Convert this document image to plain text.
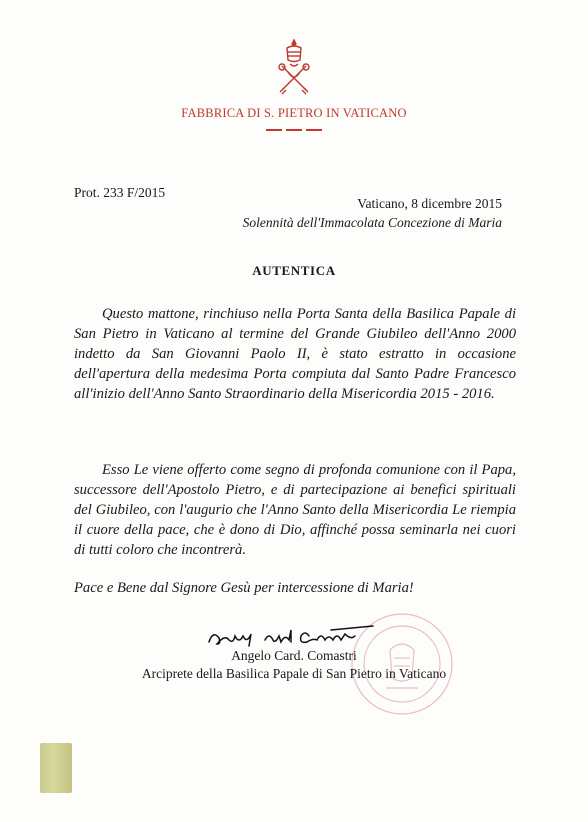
FABBRICA DI S. PIETRO IN VATICANO
Prot. 233 F/2015
Vaticano, 8 dicembre 2015
Solennità dell'Immacolata Concezione di Maria
AUTENTICA

Questo mattone, rinchiuso nella Porta Santa della Basilica Papale di San Pietro in Vaticano al termine del Grande Giubileo dell'Anno 2000 indetto da San Giovanni Paolo II, è stato estratto in occasione dell'apertura della medesima Porta compiuta dal Santo Padre Francesco all'inizio dell'Anno Santo Straordinario della Misericordia 2015 - 2016.

Esso Le viene offerto come segno di profonda comunione con il Papa, successore dell'Apostolo Pietro, e di partecipazione ai benefici spirituali del Giubileo, con l'augurio che l'Anno Santo della Misericordia Le riempia il cuore della pace, che è dono di Dio, affinché possa seminarla nei cuori di tutti coloro che incontrerà.

Pace e Bene dal Signore Gesù per intercessione di Maria!

Angelo Card. Comastri
Arciprete della Basilica Papale di San Pietro in Vaticano
